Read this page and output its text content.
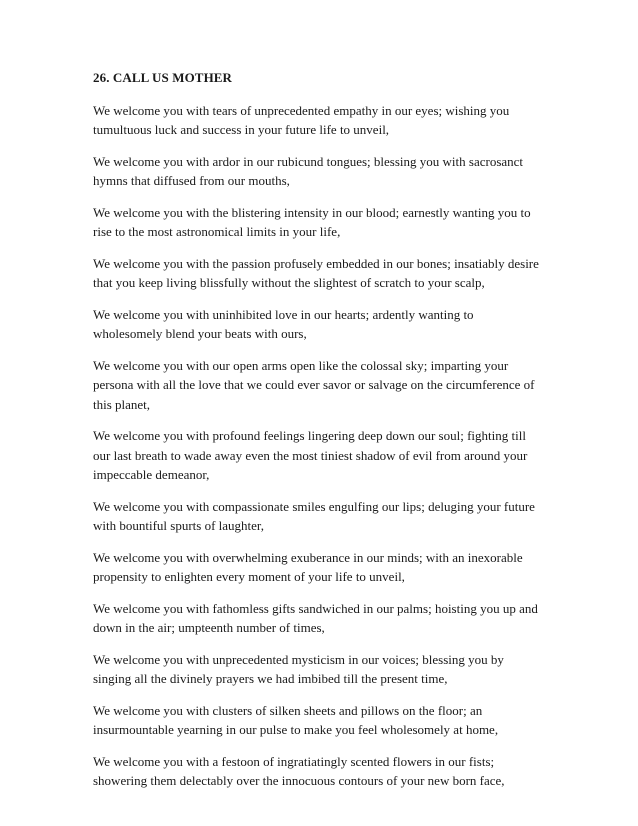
26. CALL US MOTHER
We welcome you with tears of unprecedented empathy in our eyes; wishing you
tumultuous luck and success in your future life to unveil,
We welcome you with ardor in our rubicund tongues; blessing you with sacrosanct
hymns that diffused from our mouths,
We welcome you with the blistering intensity in our blood; earnestly wanting you to
rise to the most astronomical limits in your life,
We welcome you with the passion profusely embedded in our bones; insatiably desire
that you keep living blissfully without the slightest of scratch to your scalp,
We welcome you with uninhibited love in our hearts; ardently wanting to
wholesomely blend your beats with ours,
We welcome you with our open arms open like the colossal sky; imparting your
persona with all the love that we could ever savor or salvage on the circumference of
this planet,
We welcome you with profound feelings lingering deep down our soul; fighting till
our last breath to wade away even the most tiniest shadow of evil from around your
impeccable demeanor,
We welcome you with compassionate smiles engulfing our lips; deluging your future
with bountiful spurts of laughter,
We welcome you with overwhelming exuberance in our minds; with an inexorable
propensity to enlighten every moment of your life to unveil,
We welcome you with fathomless gifts sandwiched in our palms; hoisting you up and
down in the air; umpteenth number of times,
We welcome you with unprecedented mysticism in our voices; blessing you by
singing all the divinely prayers we had imbibed till the present time,
We welcome you with clusters of silken sheets and pillows on the floor; an
insurmountable yearning in our pulse to make you feel wholesomely at home,
We welcome you with a festoon of ingratiatingly scented flowers in our fists;
showering them delectably over the innocuous contours of your new born face,
